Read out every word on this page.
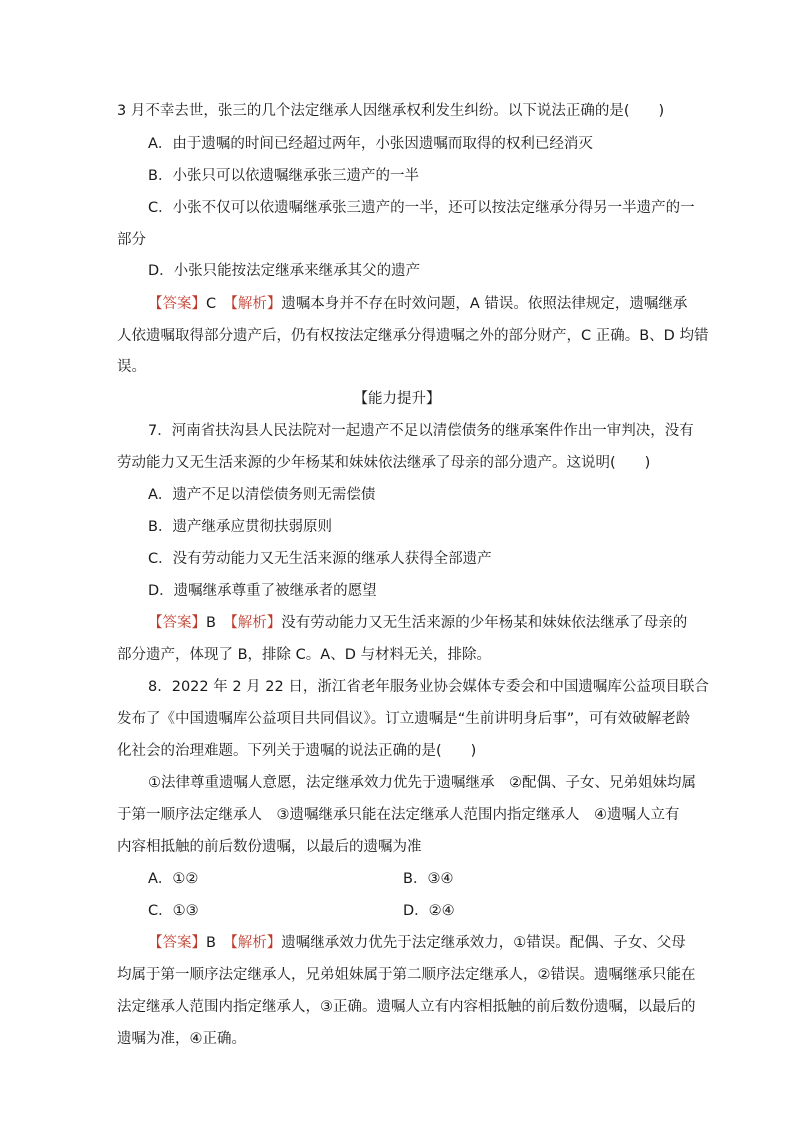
3 月不幸去世，张三的几个法定继承人因继承权利发生纠纷。以下说法正确的是(　　)
A．由于遗嘱的时间已经超过两年，小张因遗嘱而取得的权利已经消灭
B．小张只可以依遗嘱继承张三遗产的一半
C．小张不仅可以依遗嘱继承张三遗产的一半，还可以按法定继承分得另一半遗产的一
部分
D．小张只能按法定继承来继承其父的遗产
【答案】C　 【解析】遗嘱本身并不存在时效问题，A 错误。依照法律规定，遗嘱继承
人依遗嘱取得部分遗产后，仍有权按法定继承分得遗嘱之外的部分财产，C 正确。B、D 均错
误。
【能力提升】
7．河南省扶沟县人民法院对一起遗产不足以清偿债务的继承案件作出一审判决，没有
劳动能力又无生活来源的少年杨某和妹妹依法继承了母亲的部分遗产。这说明(　　)
A．遗产不足以清偿债务则无需偿债
B．遗产继承应贯彻扶弱原则
C．没有劳动能力又无生活来源的继承人获得全部遗产
D．遗嘱继承尊重了被继承者的愿望
【答案】B　 【解析】没有劳动能力又无生活来源的少年杨某和妹妹依法继承了母亲的
部分遗产，体现了 B，排除 C。A、D 与材料无关，排除。
8．2022 年 2 月 22 日，浙江省老年服务业协会媒体专委会和中国遗嘱库公益项目联合
发布了《中国遗嘱库公益项目共同倡议》。订立遗嘱是“生前讲明身后事”，可有效破解老龄
化社会的治理难题。下列关于遗嘱的说法正确的是(　　)
①法律尊重遗嘱人意愿，法定继承效力优先于遗嘱继承　②配偶、子女、兄弟姐妹均属
于第一顺序法定继承人　③遗嘱继承只能在法定继承人范围内指定继承人　④遗嘱人立有
内容相抵触的前后数份遗嘱，以最后的遗嘱为准
A．①②	B．③④
C．①③	D．②④
【答案】B　 【解析】遗嘱继承效力优先于法定继承效力，①错误。配偶、子女、父母
均属于第一顺序法定继承人，兄弟姐妹属于第二顺序法定继承人，②错误。遗嘱继承只能在
法定继承人范围内指定继承人，③正确。遗嘱人立有内容相抵触的前后数份遗嘱，以最后的
遗嘱为准，④正确。
